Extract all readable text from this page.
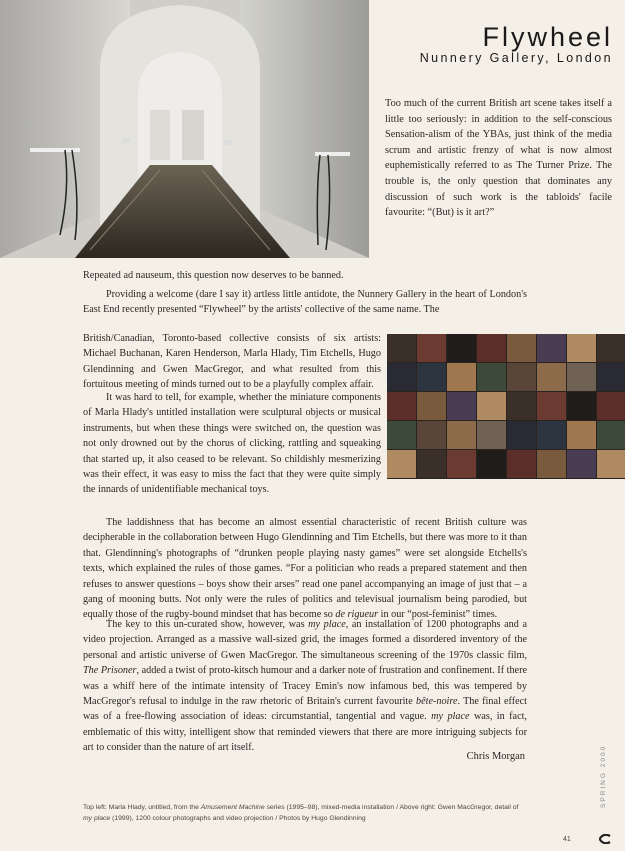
Flywheel
Nunnery Gallery, London

Too much of the current British art scene takes itself a little too seriously: in addition to the self-conscious Sensation-alism of the YBAs, just think of the media scrum and artistic frenzy of what is now almost euphemistically referred to as The Turner Prize. The trouble is, the only question that dominates any discussion of such work is the tabloids' facile favourite: “(But) is it art?”

Repeated ad nauseum, this question now deserves to be banned.

Providing a welcome (dare I say it) artless little antidote, the Nunnery Gallery in the heart of London's East End recently presented “Flywheel” by the artists' collective of the same name. The

British/Canadian, Toronto-based collective consists of six artists: Michael Buchanan, Karen Henderson, Marla Hlady, Tim Etchells, Hugo Glendinning and Gwen MacGregor, and what resulted from this fortuitous meeting of minds turned out to be a playfully complex affair.

It was hard to tell, for example, whether the miniature components of Marla Hlady's untitled installation were sculptural objects or musical instruments, but when these things were switched on, the question was not only drowned out by the chorus of clicking, rattling and squeaking that started up, it also ceased to be relevant. So childishly mesmerizing was their effect, it was easy to miss the fact that they were quite simply the innards of unidentifiable mechanical toys.

The laddishness that has become an almost essential characteristic of recent British culture was decipherable in the collaboration between Hugo Glendinning and Tim Etchells, but there was more to it than that. Glendinning's photographs of “drunken people playing nasty games” were set alongside Etchells's texts, which explained the rules of those games. “For a politician who reads a prepared statement and then refuses to answer questions – boys show their arses” read one panel accompanying an image of just that – a gang of mooning butts. Not only were the rules of politics and televisual journalism being parodied, but equally those of the rugby-bound mindset that has become so de rigueur in our “post-feminist” times.

The key to this un-curated show, however, was my place, an installation of 1200 photographs and a video projection. Arranged as a massive wall-sized grid, the images formed a disordered inventory of the personal and artistic universe of Gwen MacGregor. The simultaneous screening of the 1970s classic film, The Prisoner, added a twist of proto-kitsch humour and a darker note of frustration and confinement. If there was a whiff here of the intimate intensity of Tracey Emin's now infamous bed, this was tempered by MacGregor's refusal to indulge in the raw rhetoric of Britain's current favourite bête-noire. The final effect was of a free-flowing association of ideas: circumstantial, tangential and vague. my place was, in fact, emblematic of this witty, intelligent show that reminded viewers that there are more intriguing subjects for art to consider than the nature of art itself.

Chris Morgan
Top left: Marla Hlady, untitled, from the Amusement Machine series (1995–98), mixed-media installation / Above right: Gwen MacGregor, detail of my place (1999), 1200 colour photographs and video projection / Photos by Hugo Glendinning
SPRING 2000
41
